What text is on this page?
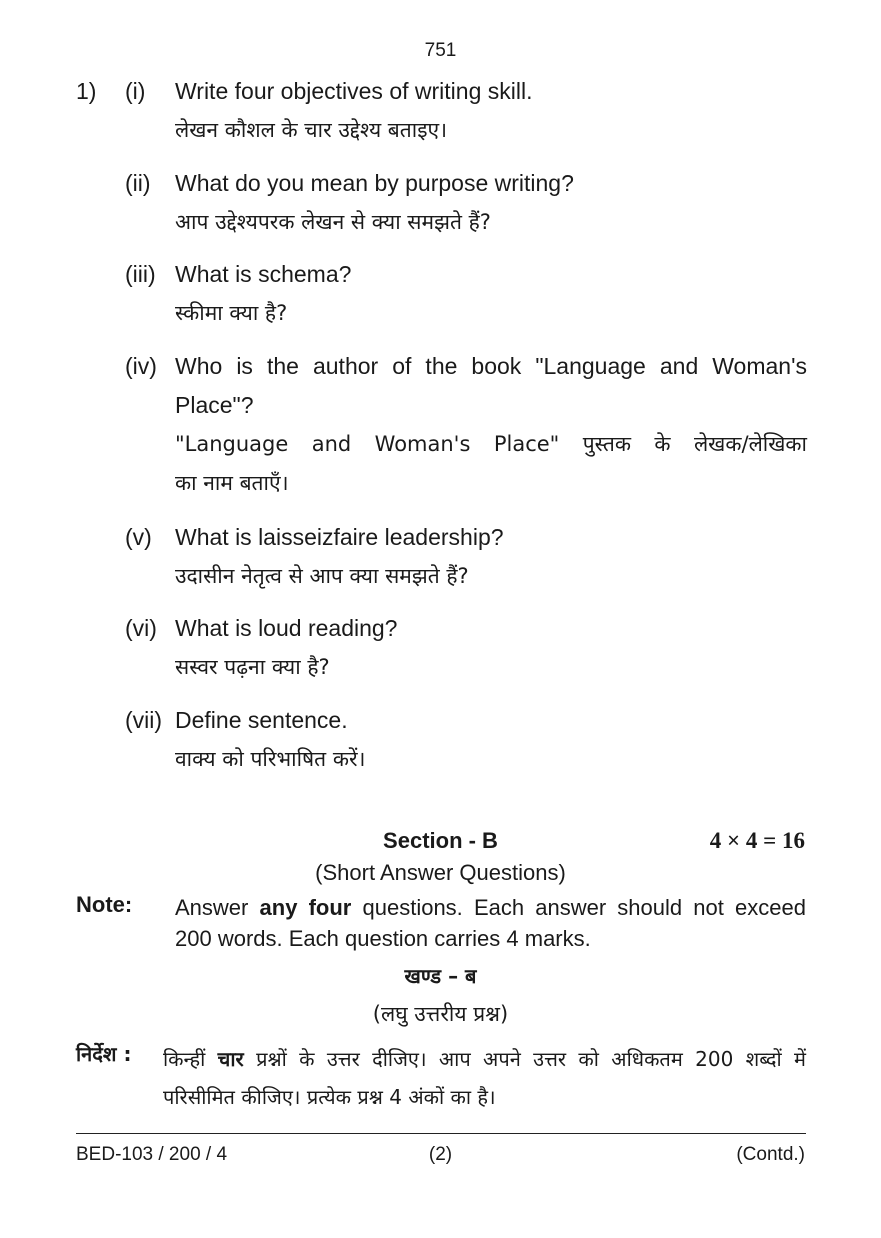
751
1) (i)	Write four objectives of writing skill.
लेखन कौशल के चार उद्देश्य बताइए।
(ii)	What do you mean by purpose writing?
आप उद्देश्यपरक लेखन से क्या समझते हैं?
(iii) What is schema?
स्कीमा क्या है?
(iv) Who is the author of the book "Language and Woman's
Place"?
"Language and Woman's Place" पुस्तक के लेखक/लेखिका
का नाम बताएँ।
(v)	What is laisseizfaire leadership?
उदासीन नेतृत्व से आप क्या समझते हैं?
(vi) What is loud reading?
सस्वर पढ़ना क्या है?
(vii) Define sentence.
वाक्य को परिभाषित करें।
Section - B	4 × 4 = 16
(Short Answer Questions)
Note: Answer any four questions. Each answer should not exceed 200 words. Each question carries 4 marks.
खण्ड – ब
(लघु उत्तरीय प्रश्न)
निर्देश : किन्हीं चार प्रश्नों के उत्तर दीजिए। आप अपने उत्तर को अधिकतम 200 शब्दों में परिसीमित कीजिए। प्रत्येक प्रश्न 4 अंकों का है।
BED-103 / 200 / 4	(2)	(Contd.)
